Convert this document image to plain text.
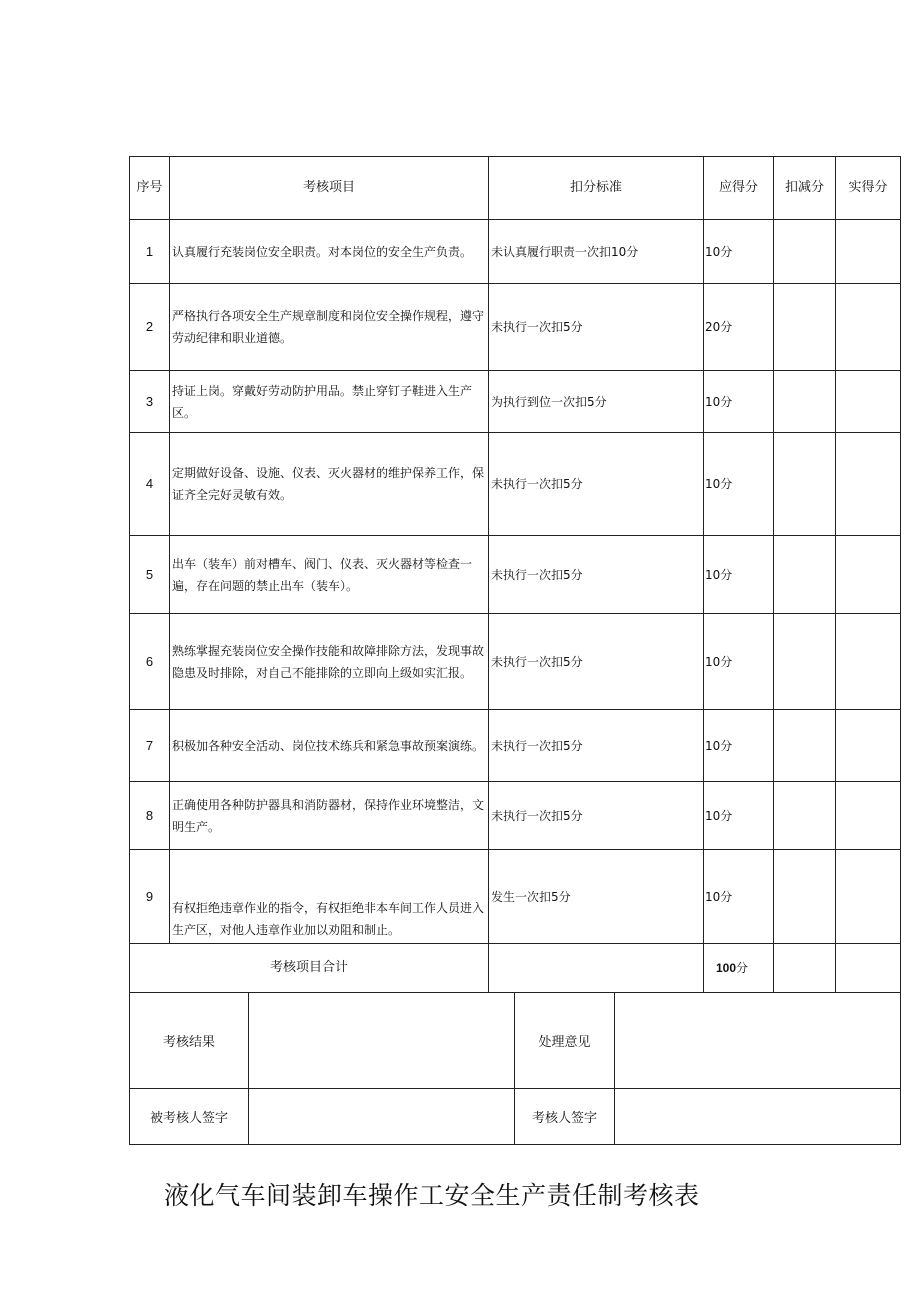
序号	考核项目	扣分标准	应得分	扣减分	实得分
1	认真履行充装岗位安全职责。对本岗位的安全生产负责。	未认真履行职责一次扣10分	10分		
2	严格执行各项安全生产规章制度和岗位安全操作规程，遵守劳动纪律和职业道德。	未执行一次扣5分	20分		
3	持证上岗。穿戴好劳动防护用品。禁止穿钉子鞋进入生产区。	为执行到位一次扣5分	10分		
4	定期做好设备、设施、仪表、灭火器材的维护保养工作，保证齐全完好灵敏有效。	未执行一次扣5分	10分		
5	出车（装车）前对槽车、阀门、仪表、灭火器材等检查一遍，存在问题的禁止出车（装车）。	未执行一次扣5分	10分		
6	熟练掌握充装岗位安全操作技能和故障排除方法，发现事故隐患及时排除，对自己不能排除的立即向上级如实汇报。	未执行一次扣5分	10分		
7	积极加各种安全活动、岗位技术练兵和紧急事故预案演练。	未执行一次扣5分	10分		
8	正确使用各种防护器具和消防器材，保持作业环境整洁，文明生产。	未执行一次扣5分	10分		
9	有权拒绝违章作业的指令，有权拒绝非本车间工作人员进入生产区，对他人违章作业加以劝阻和制止。	发生一次扣5分	10分		
考核项目合计			100分		
考核结果		处理意见	
被考核人签字		考核人签字	
液化气车间装卸车操作工安全生产责任制考核表
